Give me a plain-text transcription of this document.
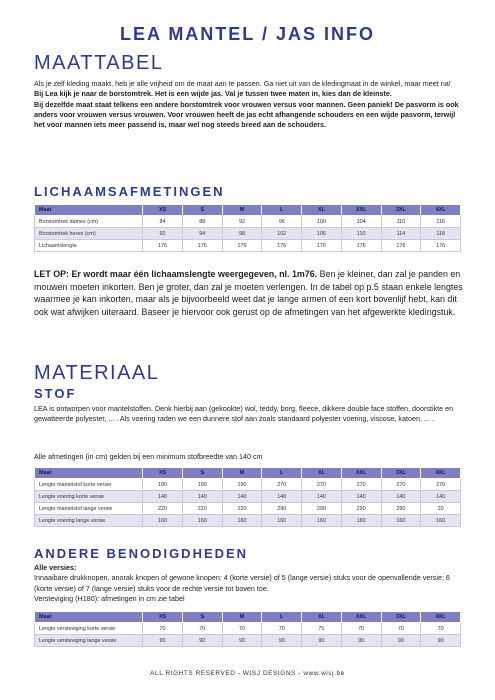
LEA MANTEL / JAS INFO
MAATTABEL

Als je zelf kleding maakt, heb je alle vrijheid om de maat aan te passen. Ga niet uit van de kledingmaat in de winkel, maar meet na!

Bij Lea kijk je naar de borstomtrek. Het is een wijde jas. Val je tussen twee maten in, kies dan de kleinste.

Bij dezelfde maat staat telkens een andere borstomtrek voor vrouwen versus voor mannen. Geen paniek! De pasvorm is ook anders voor vrouwen versus vrouwen. Voor vrouwen heeft de jas echt afhangende schouders en een wijde pasvorm, terwijl het voor mannen iets meer passend is, maar wel nog steeds breed aan de schouders.

LICHAAMSAFMETINGEN
Maat	XS	S	M	L	XL	XXL	3XL	4XL
Borstomtrek dames (cm)	84	88	92	96	100	104	110	116
Borstomtrek heren (cm)	92	94	98	102	106	110	114	118
Lichaamslengte	176	176	176	176	176	176	176	176

LET OP: Er wordt maar één lichaamslengte weergegeven, nl. 1m76. Ben je kleiner, dan zal je panden en mouwen moeten inkorten. Ben je groter, dan zal je moeten verlengen. In de tabel op p.5 staan enkele lengtes waarmee je kan inkorten, maar als je bijvoorbeeld weet dat je lange armen of een kort bovenlijf hebt, kan dit ook wat afwijken uiteraard. Baseer je hiervoor ook gerust op de afmetingen van het afgewerkte kledingstuk.

MATERIAAL
STOF

LEA is ontworpen voor mantelstoffen. Denk hierbij aan (gekookte) wol, teddy, borg, fleece, dikkere double face stoffen, doorstikte en gewatteerde polyester, ... . Als voering raden we een dunnere stof aan zoals standaard polyester voering, viscose, katoen, ... .

Alle afmetingen (in cm) gelden bij een minimum stofbreedte van 140 cm

Maat	XS	S	M	L	XL	XXL	3XL	4XL
Lengte mantelstof korte versie	190	190	190	270	270	270	270	270
Lengte voering korte versie	140	140	140	140	140	140	140	140
Lengte mantelstof lange versie	220	220	220	290	290	290	290	20
Lengte voering lange versie	160	160	160	160	160	160	160	160
ANDERE BENODIGDHEDEN

Alle versies:

Innaaibare drukknopen, anorak knopen of gewone knopen: 4 (korte versie) of 5 (lange versie) stuks voor de openvallende versie; 6 (korte versie) of 7 (lange versie) stuks voor de rechte versie tot boven toe.

Versteviging (H180): afmetingen in cm zie tabel

Maat	XS	S	M	L	XL	XXL	3XL	4XL
Lengte versteviging korte versie	70	70	70	70	70	70	70	70
Lengte versteviging lange versie	90	90	90	90	90	90	90	90
ALL RIGHTS RESERVED - WISJ DESIGNS - www.wisj.be
